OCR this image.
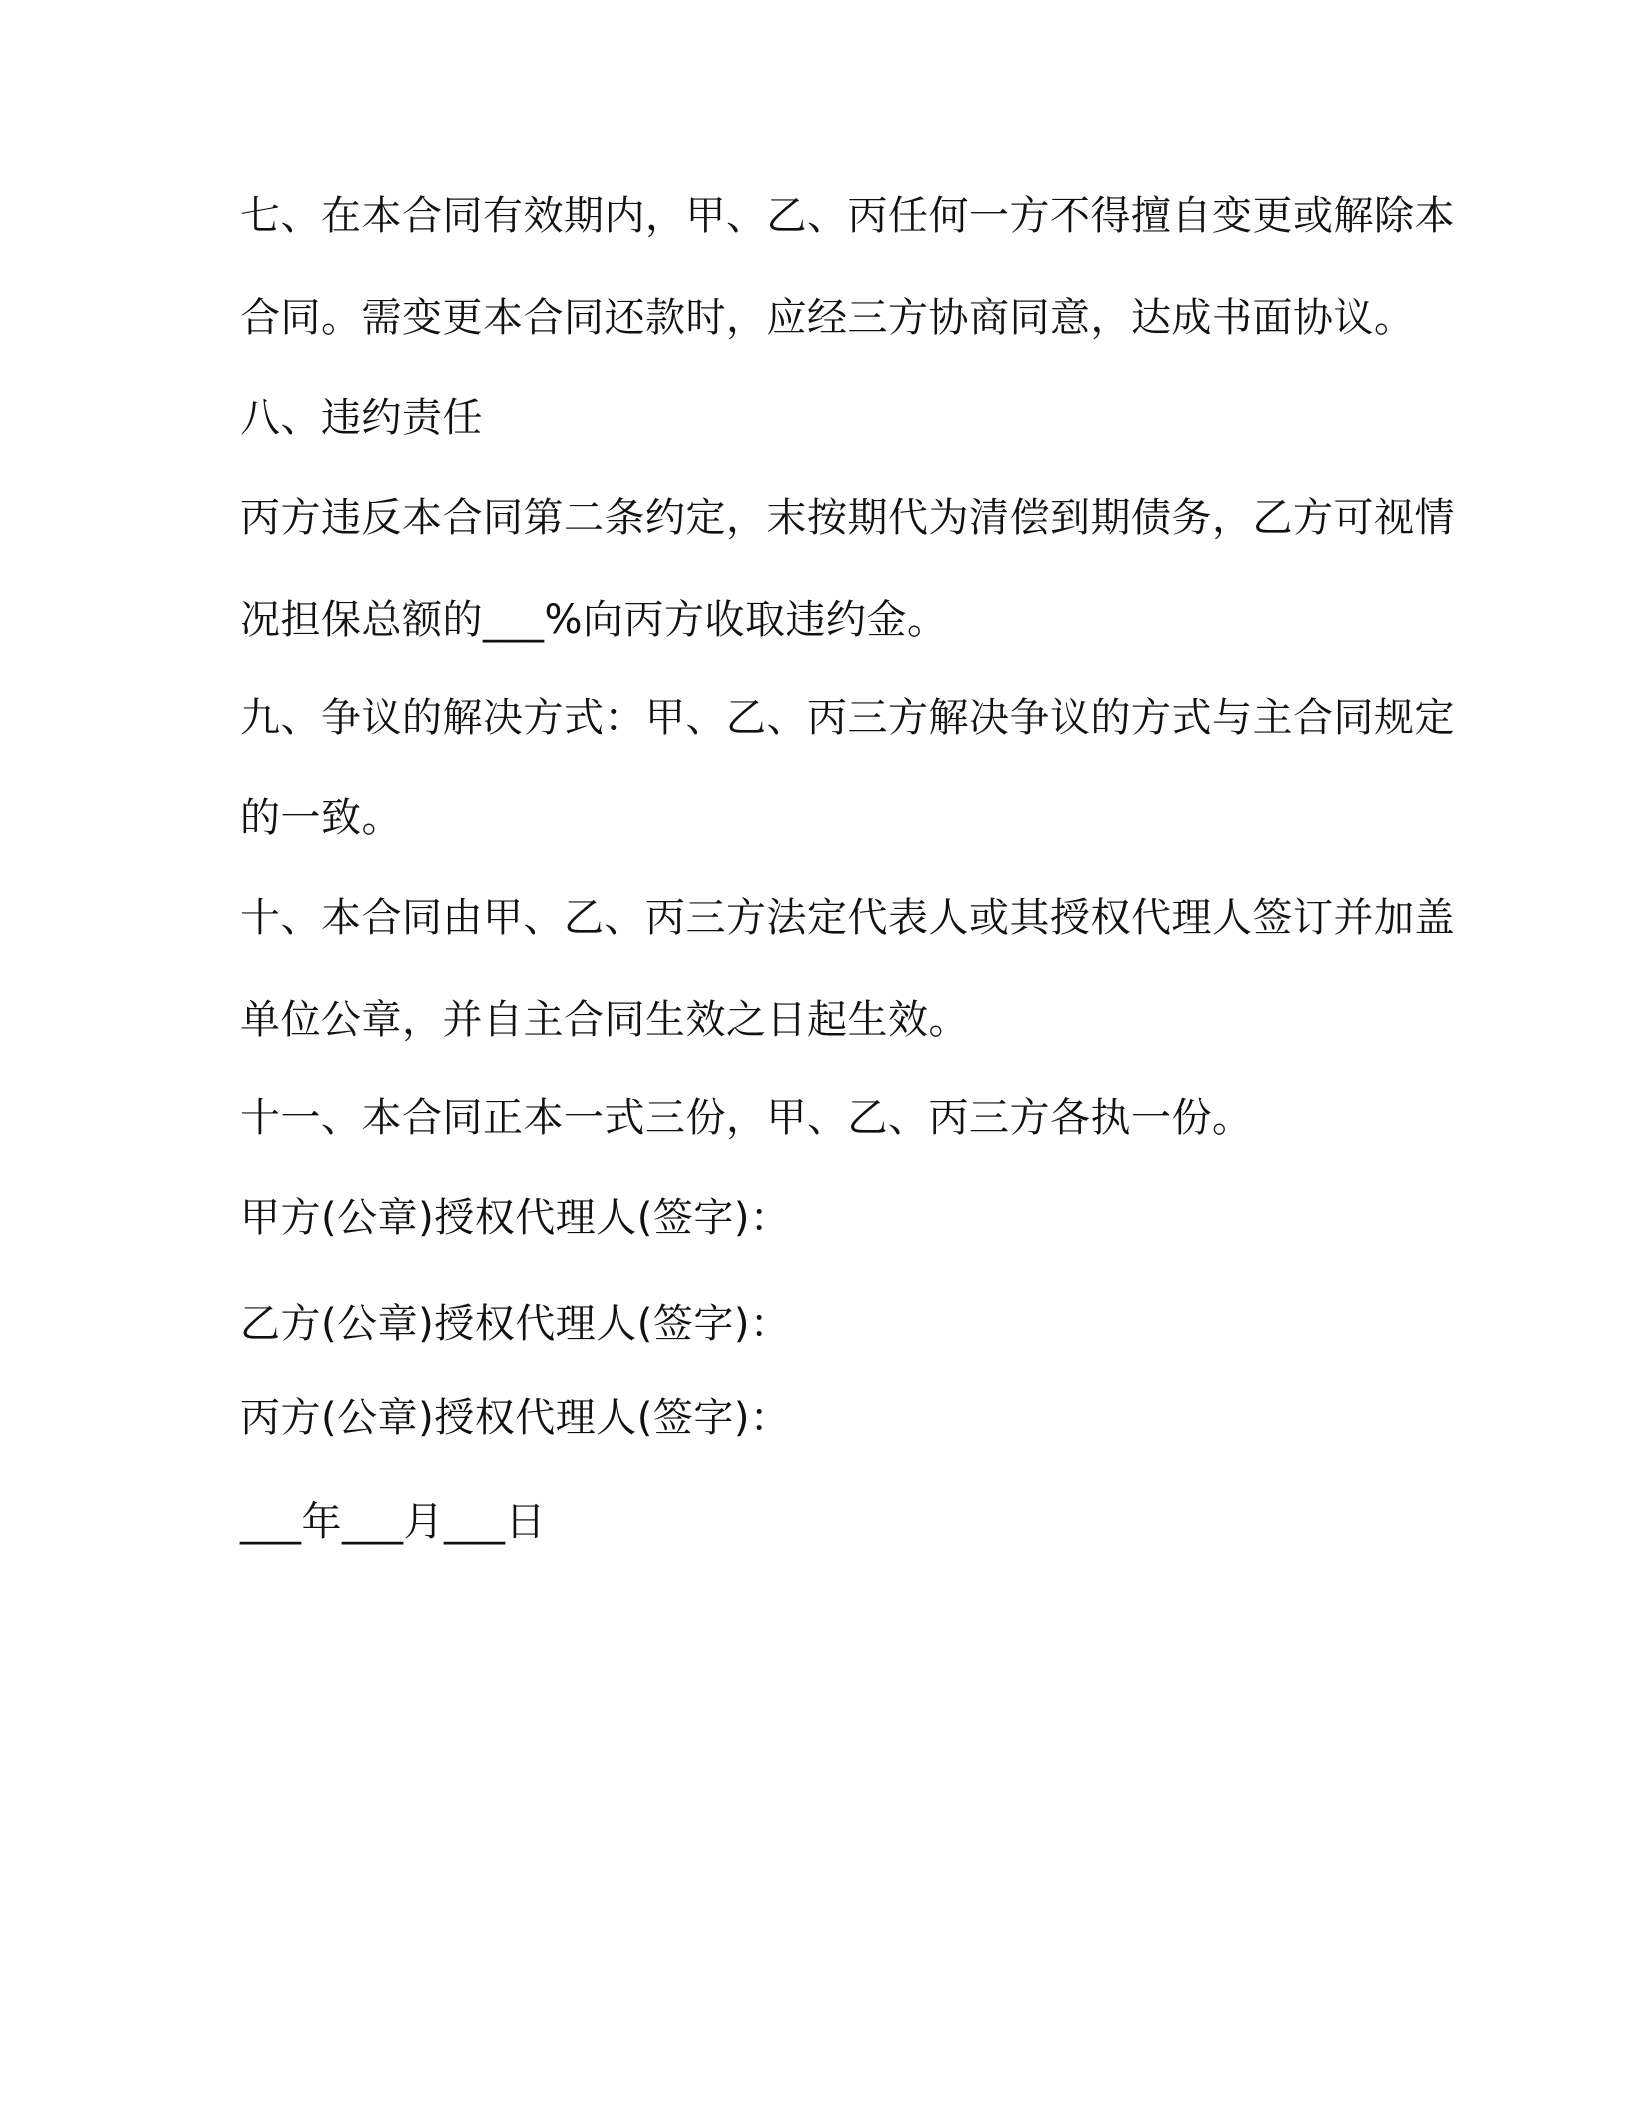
七、在本合同有效期内，甲、乙、丙任何一方不得擅自变更或解除本
合同。需变更本合同还款时，应经三方协商同意，达成书面协议。
八、违约责任
丙方违反本合同第二条约定，末按期代为清偿到期债务，乙方可视情
况担保总额的___%向丙方收取违约金。
九、争议的解决方式：甲、乙、丙三方解决争议的方式与主合同规定
的一致。
十、本合同由甲、乙、丙三方法定代表人或其授权代理人签订并加盖
单位公章，并自主合同生效之日起生效。
十一、本合同正本一式三份，甲、乙、丙三方各执一份。
甲方(公章)授权代理人(签字)：
乙方(公章)授权代理人(签字)：
丙方(公章)授权代理人(签字)：
___年___月___日
